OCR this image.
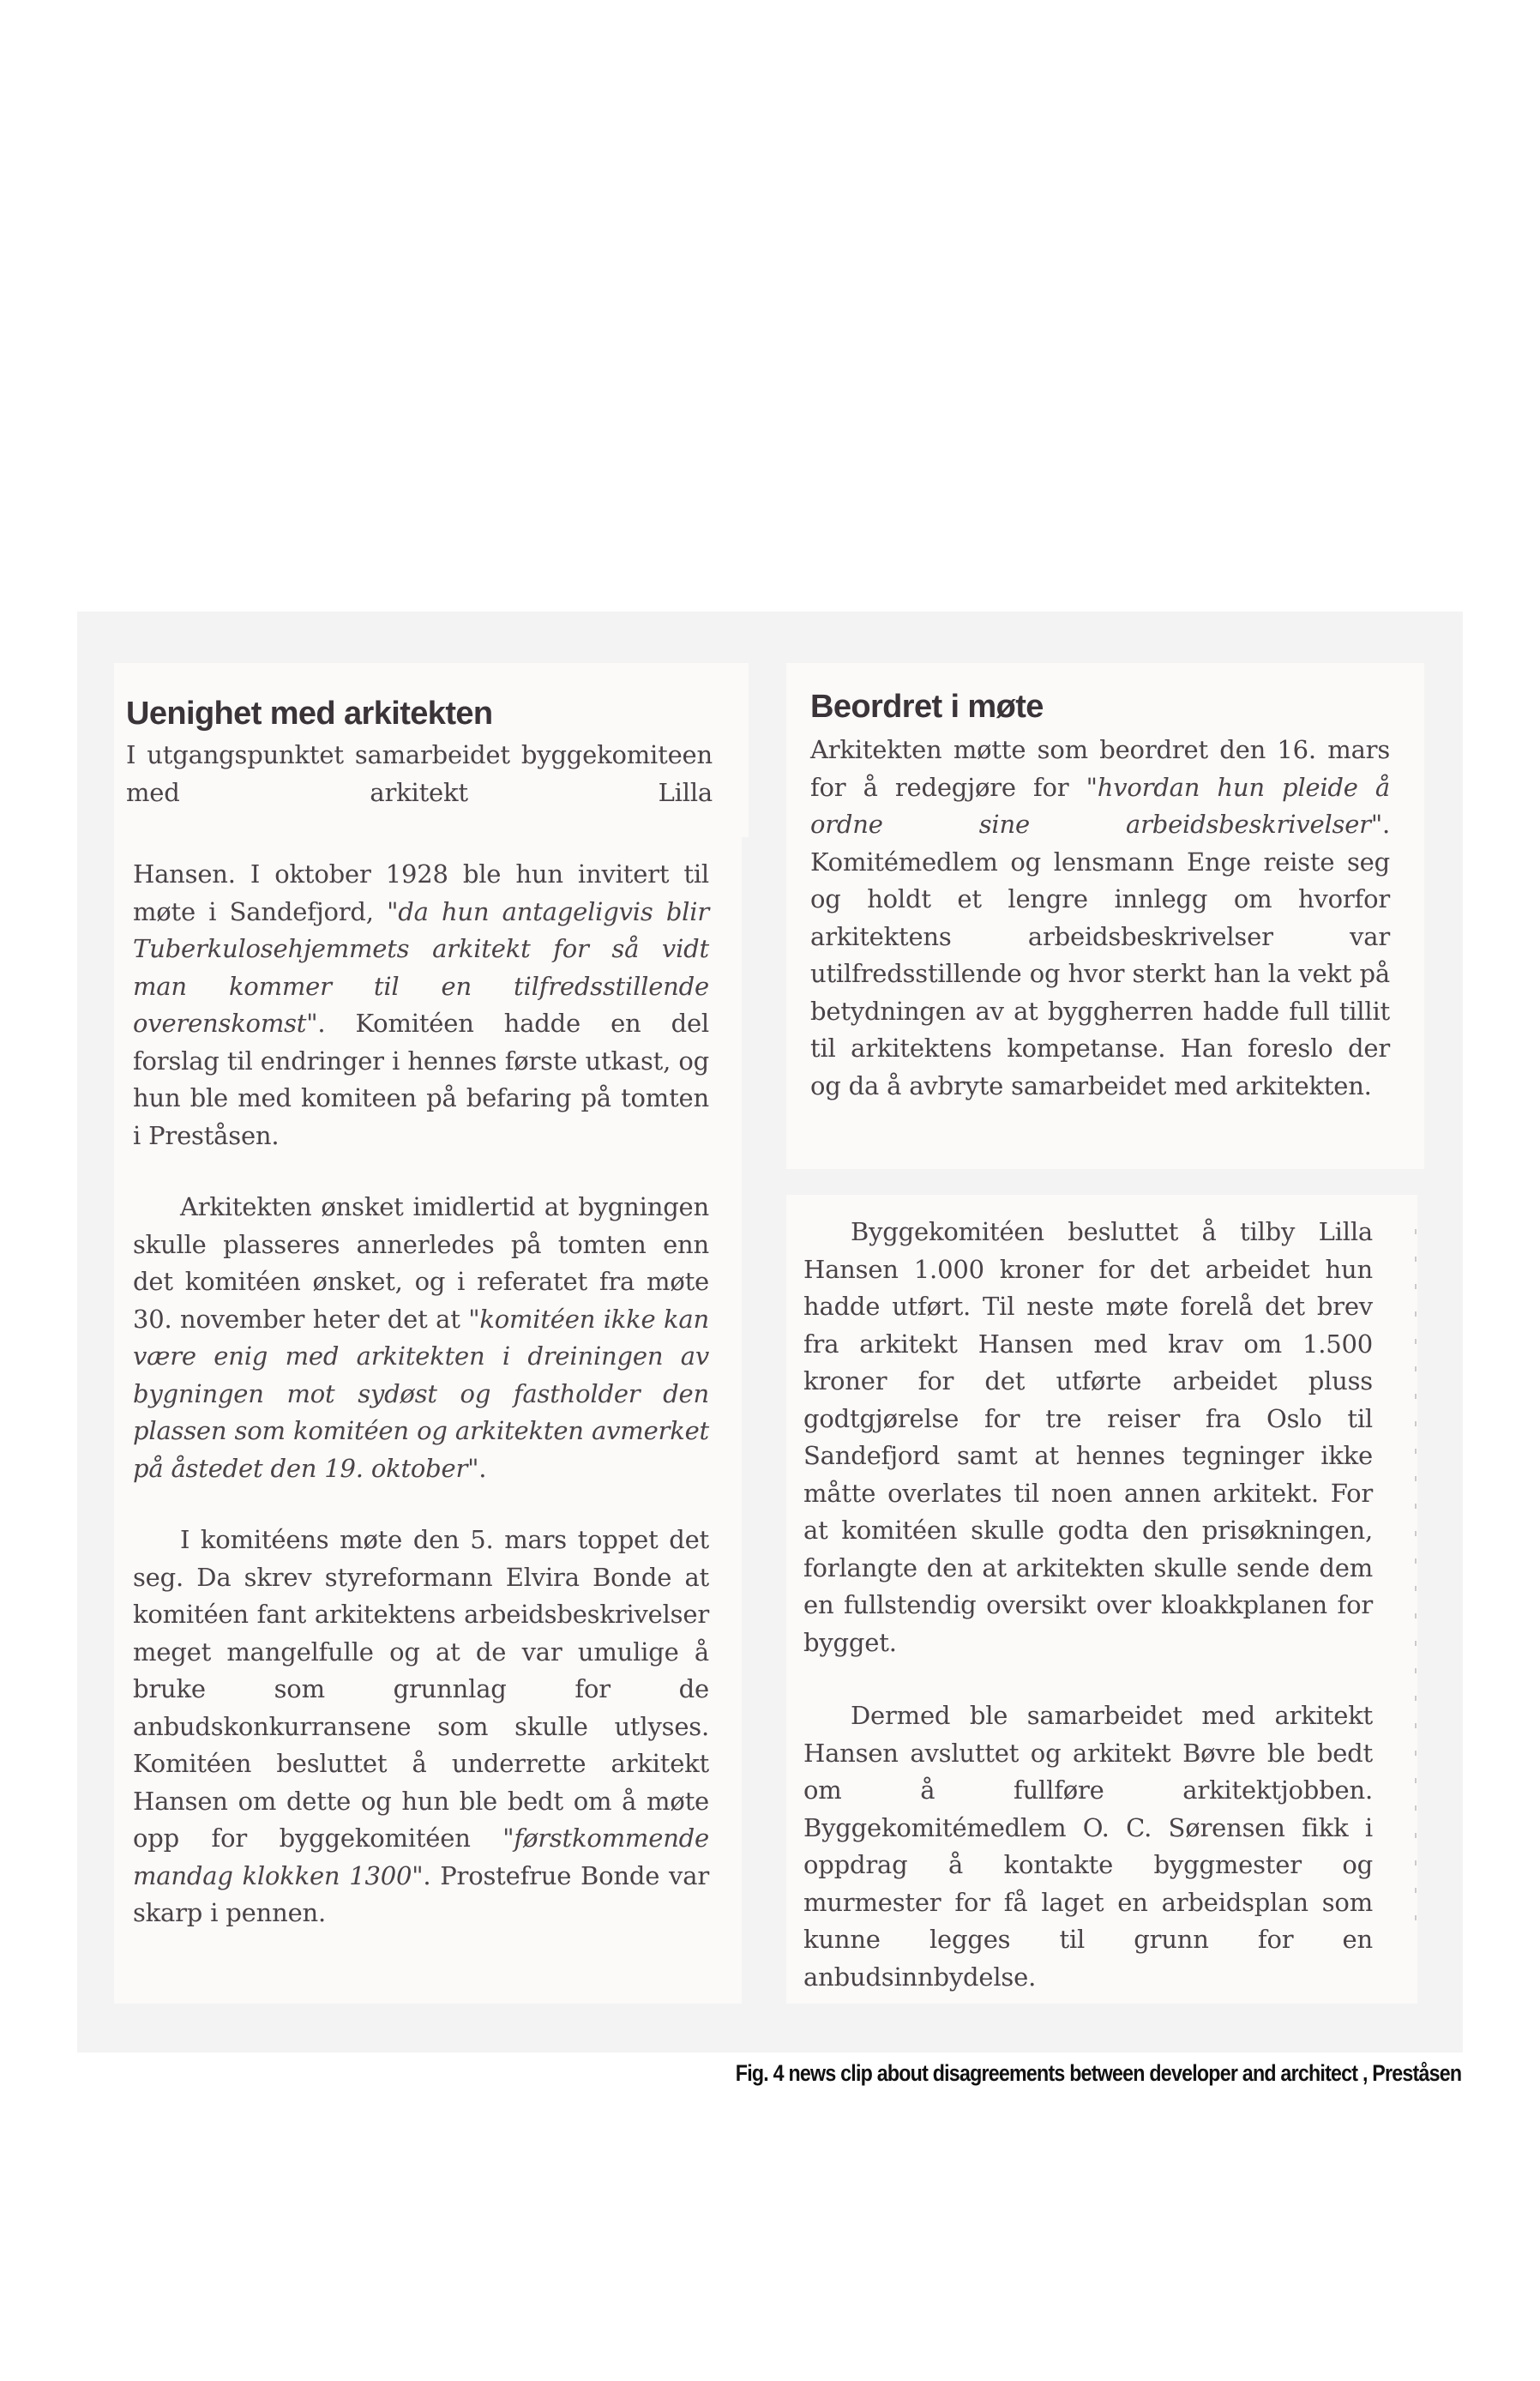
Uenighet med arkitekten

I utgangspunktet samarbeidet byggekomiteen med arkitekt Lilla

Hansen. I oktober 1928 ble hun invitert til møte i Sandefjord, "da hun antageligvis blir Tuberkulosehjemmets arkitekt for så vidt man kommer til en tilfredsstillende overenskomst". Komitéen hadde en del forslag til endringer i hennes første utkast, og hun ble med komiteen på befaring på tomten i Preståsen.

Arkitekten ønsket imidlertid at bygningen skulle plasseres annerledes på tomten enn det komitéen ønsket, og i referatet fra møte 30. november heter det at "komitéen ikke kan være enig med arkitekten i dreiningen av bygningen mot sydøst og fastholder den plassen som komitéen og arkitekten avmerket på åstedet den 19. oktober".

I komitéens møte den 5. mars toppet det seg. Da skrev styreformann Elvira Bonde at komitéen fant arkitektens arbeidsbeskrivelser meget mangelfulle og at de var umulige å bruke som grunnlag for de anbudskonkurransene som skulle utlyses. Komitéen besluttet å underrette arkitekt Hansen om dette og hun ble bedt om å møte opp for byggekomitéen "førstkommende mandag klokken 1300". Prostefrue Bonde var skarp i pennen.

Beordret i møte

Arkitekten møtte som beordret den 16. mars for å redegjøre for "hvordan hun pleide å ordne sine arbeidsbeskrivelser". Komitémedlem og lensmann Enge reiste seg og holdt et lengre innlegg om hvorfor arkitektens arbeidsbeskrivelser var utilfredsstillende og hvor sterkt han la vekt på betydningen av at byggherren hadde full tillit til arkitektens kompetanse. Han foreslo der og da å avbryte samarbeidet med arkitekten.

Byggekomitéen besluttet å tilby Lilla Hansen 1.000 kroner for det arbeidet hun hadde utført. Til neste møte forelå det brev fra arkitekt Hansen med krav om 1.500 kroner for det utførte arbeidet pluss godtgjørelse for tre reiser fra Oslo til Sandefjord samt at hennes tegninger ikke måtte overlates til noen annen arkitekt. For at komitéen skulle godta den prisøkningen, forlangte den at arkitekten skulle sende dem en fullstendig oversikt over kloakkplanen for bygget.

Dermed ble samarbeidet med arkitekt Hansen avsluttet og arkitekt Bøvre ble bedt om å fullføre arkitektjobben. Byggekomitémedlem O. C. Sørensen fikk i oppdrag å kontakte byggmester og murmester for få laget en arbeidsplan som kunne legges til grunn for en anbudsinnbydelse.

Fig. 4 news clip about disagreements between developer and architect , Preståsen
